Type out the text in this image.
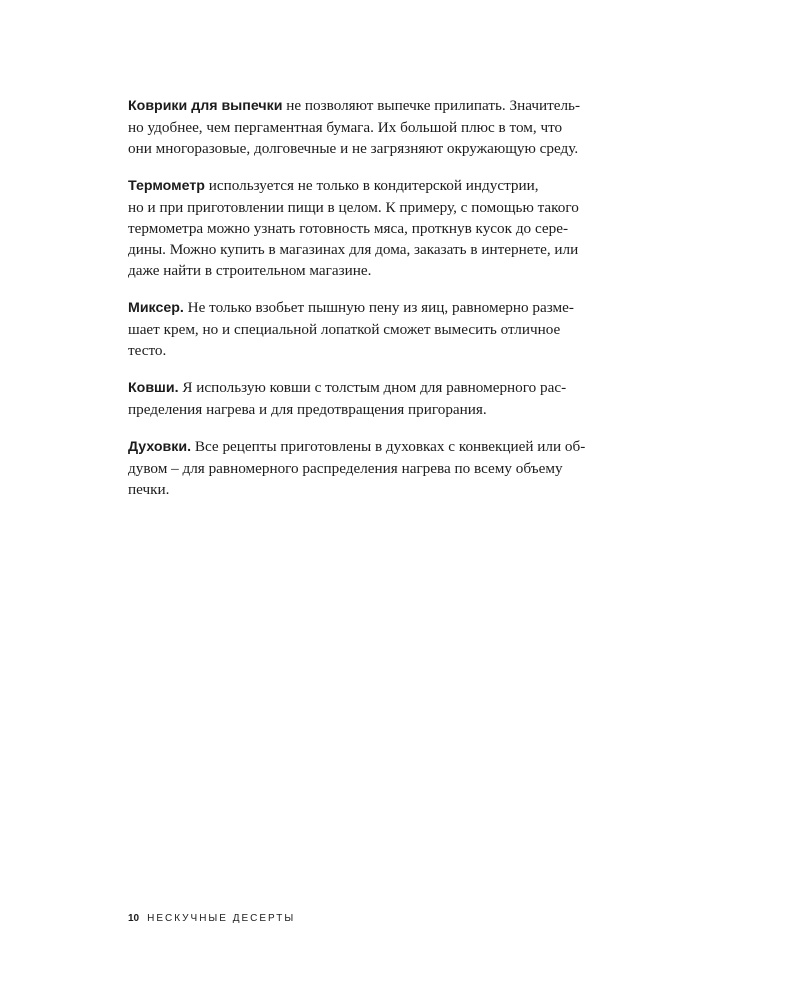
Коврики для выпечки не позволяют выпечке прилипать. Значитель-
но удобнее, чем пергаментная бумага. Их большой плюс в том, что
они многоразовые, долговечные и не загрязняют окружающую среду.

Термометр используется не только в кондитерской индустрии,
но и при приготовлении пищи в целом. К примеру, с помощью такого
термометра можно узнать готовность мяса, проткнув кусок до сере-
дины. Можно купить в магазинах для дома, заказать в интернете, или
даже найти в строительном магазине.

Миксер. Не только взобьет пышную пену из яиц, равномерно разме-
шает крем, но и специальной лопаткой сможет вымесить отличное
тесто.

Ковши. Я использую ковши с толстым дном для равномерного рас-
пределения нагрева и для предотвращения пригорания.

Духовки. Все рецепты приготовлены в духовках с конвекцией или об-
дувом – для равномерного распределения нагрева по всему объему
печки.

10 НЕСКУЧНЫЕ ДЕСЕРТЫ
